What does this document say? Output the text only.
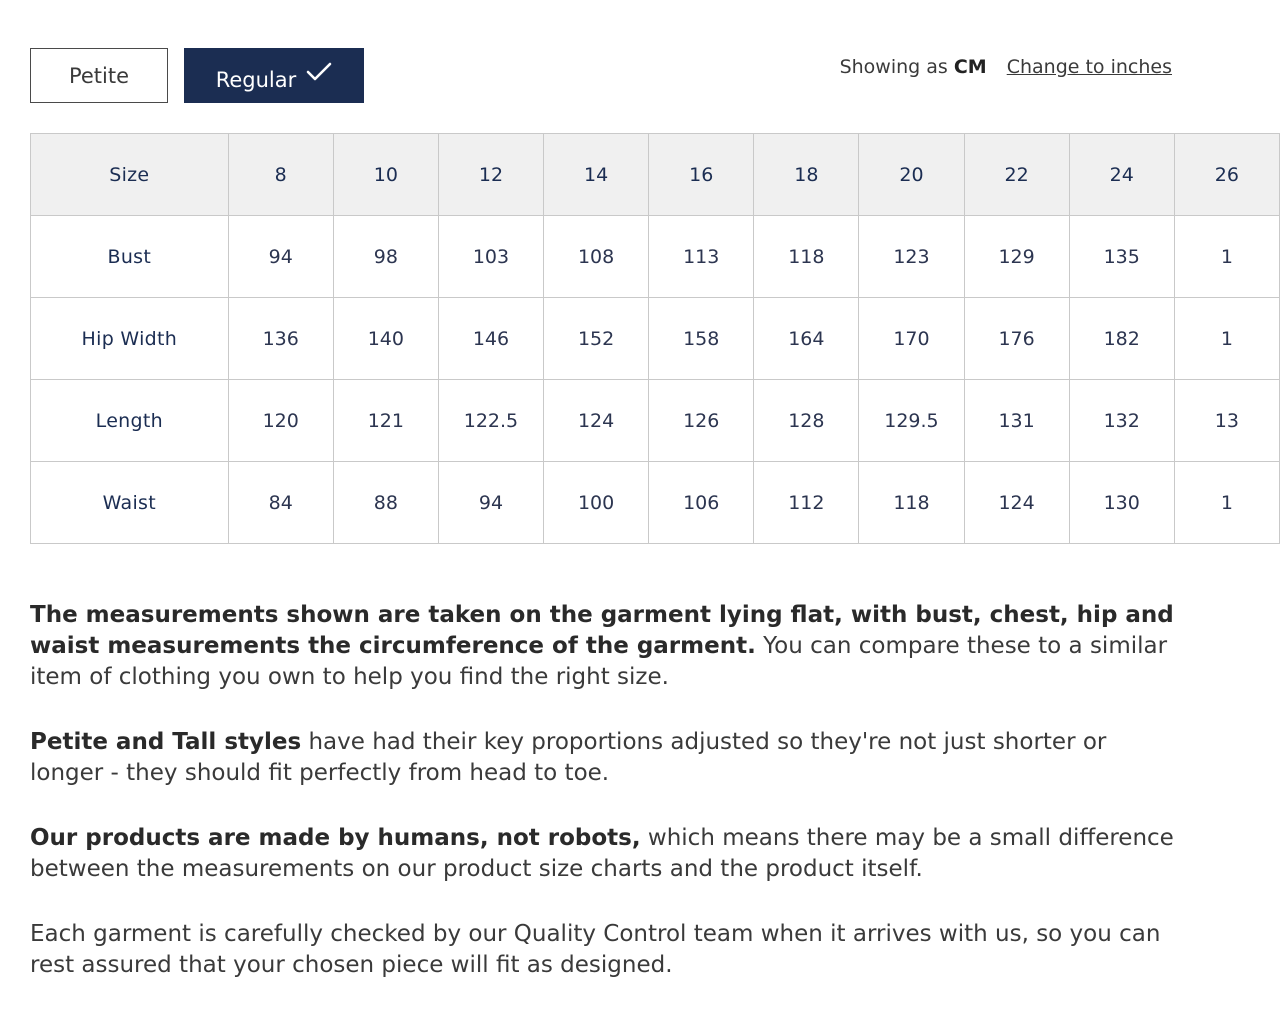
Petite	Regular
Showing as CM Change to inches
Size	8	10	12	14	16	18	20	22	24	26
Bust	94	98	103	108	113	118	123	129	135	1
Hip Width	136	140	146	152	158	164	170	176	182	1
Length	120	121	122.5	124	126	128	129.5	131	132	13
Waist	84	88	94	100	106	112	118	124	130	1

The measurements shown are taken on the garment lying flat, with bust, chest, hip and waist measurements the circumference of the garment. You can compare these to a similar item of clothing you own to help you find the right size.

Petite and Tall styles have had their key proportions adjusted so they're not just shorter or longer - they should fit perfectly from head to toe.

Our products are made by humans, not robots, which means there may be a small difference between the measurements on our product size charts and the product itself.

Each garment is carefully checked by our Quality Control team when it arrives with us, so you can rest assured that your chosen piece will fit as designed.
